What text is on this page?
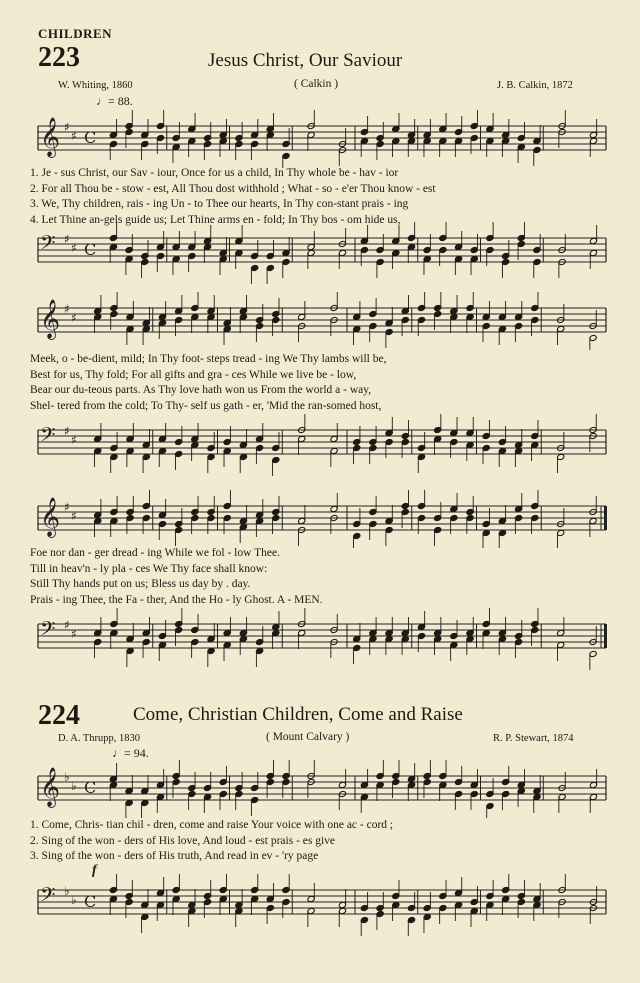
CHILDREN
223	Jesus Christ, Our Saviour
W. Whiting, 1860	( Calkin )	J. B. Calkin, 1872
♩= 88.
𝄞 ♯
♯ C
1. Je - sus Christ, our Sav - iour, Once for us a child, In Thy whole be - hav - ior
2. For all Thou be - stow - est, All Thou dost withhold ; What - so - e'er Thou know - est
3. We, Thy children, rais - ing Un - to Thee our hearts, In Thy con-stant prais - ing
4. Let Thine an-gels guide us; Let Thine arms en - fold; In Thy bos - om hide us,
𝄢 ♯
♯ C
𝄞 ♯
♯
Meek, o - be-dient, mild; In Thy foot- steps tread - ing We Thy lambs will be,
Best for us, Thy fold; For all gifts and gra - ces While we live be - low,
Bear our du-teous parts. As Thy love hath won us From the world a - way,
Shel- tered from the cold; To Thy- self us gath - er, 'Mid the ran-somed host,
𝄢 ♯
♯
𝄞 ♯
♯
Foe nor dan - ger dread - ing While we fol - low Thee.
Till in heav'n - ly pla - ces We Thy face shall know:
Still Thy hands put on us; Bless us day by . day.
Prais - ing Thee, the Fa - ther, And the Ho - ly Ghost. A - MEN.
𝄢 ♯
♯
224	Come, Christian Children, Come and Raise
D. A. Thrupp, 1830	( Mount Calvary )	R. P. Stewart, 1874
♩= 94.
𝄞 ♭
♭ C
1. Come, Chris- tian chil - dren, come and raise Your voice with one ac - cord ;
2. Sing of the won - ders of His love, And loud - est prais - es give
3. Sing of the won - ders of His truth, And read in ev - 'ry page
f
𝄢 ♭
♭ C
